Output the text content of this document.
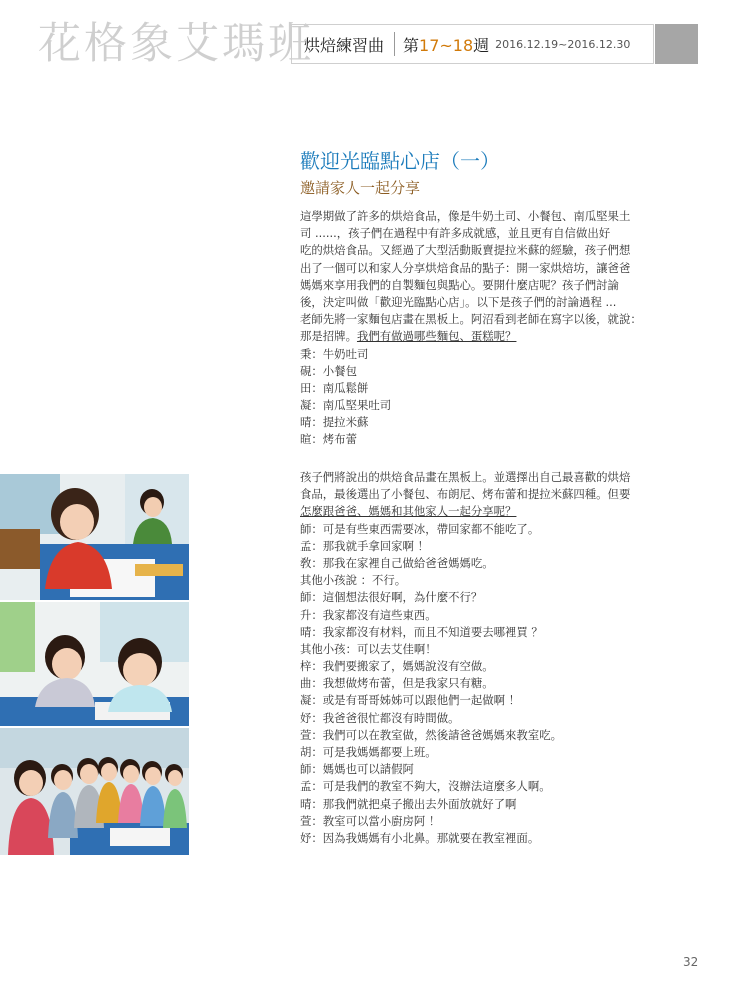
花格象艾瑪班
烘焙練習曲 第17~18週 2016.12.19~2016.12.30
歡迎光臨點心店（一）
邀請家人一起分享
這學期做了許多的烘焙食品，像是牛奶土司、小餐包、南瓜堅果土
司 ......，孩子們在過程中有許多成就感，並且更有自信做出好
吃的烘焙食品。又經過了大型活動販賣提拉米蘇的經驗，孩子們想
出了一個可以和家人分享烘焙食品的點子：開一家烘焙坊，讓爸爸
媽媽來享用我們的自製麵包與點心。要開什麼店呢？孩子們討論
後，決定叫做「歡迎光臨點心店」。以下是孩子們的討論過程 ...
老師先將一家麵包店畫在黑板上。阿沼看到老師在寫字以後，就說：
那是招牌。我們有做過哪些麵包、蛋糕呢？
秉：牛奶吐司
硯：小餐包
田：南瓜鬆餅
凝：南瓜堅果吐司
晴：提拉米蘇
暄：烤布蕾
孩子們將說出的烘焙食品畫在黑板上。並選擇出自己最喜歡的烘焙
食品，最後選出了小餐包、布朗尼、烤布蕾和提拉米蘇四種。但要
怎麼跟爸爸、媽媽和其他家人一起分享呢？
師：可是有些東西需要冰，帶回家都不能吃了。
孟：那我就手拿回家啊 ！
敎：那我在家裡自己做給爸爸媽媽吃。
其他小孩說 ：不行。
師：這個想法很好啊，為什麼不行？
升：我家都沒有這些東西。
晴：我家都沒有材料，而且不知道要去哪裡買 ？
其他小孩：可以去艾佳啊！
梓：我們要搬家了，媽媽說沒有空做。
曲：我想做烤布蕾，但是我家只有糖。
凝：或是有哥哥姊姊可以跟他們一起做啊 ！
妤：我爸爸很忙都沒有時間做。
萱：我們可以在教室做，然後請爸爸媽媽來教室吃。
胡：可是我媽媽都要上班。
師：媽媽也可以請假阿
孟：可是我們的教室不夠大，沒辦法這麼多人啊。
晴：那我們就把桌子搬出去外面放就好了啊
萱：教室可以當小廚房阿 ！
妤：因為我媽媽有小北鼻。那就要在教室裡面。
32
